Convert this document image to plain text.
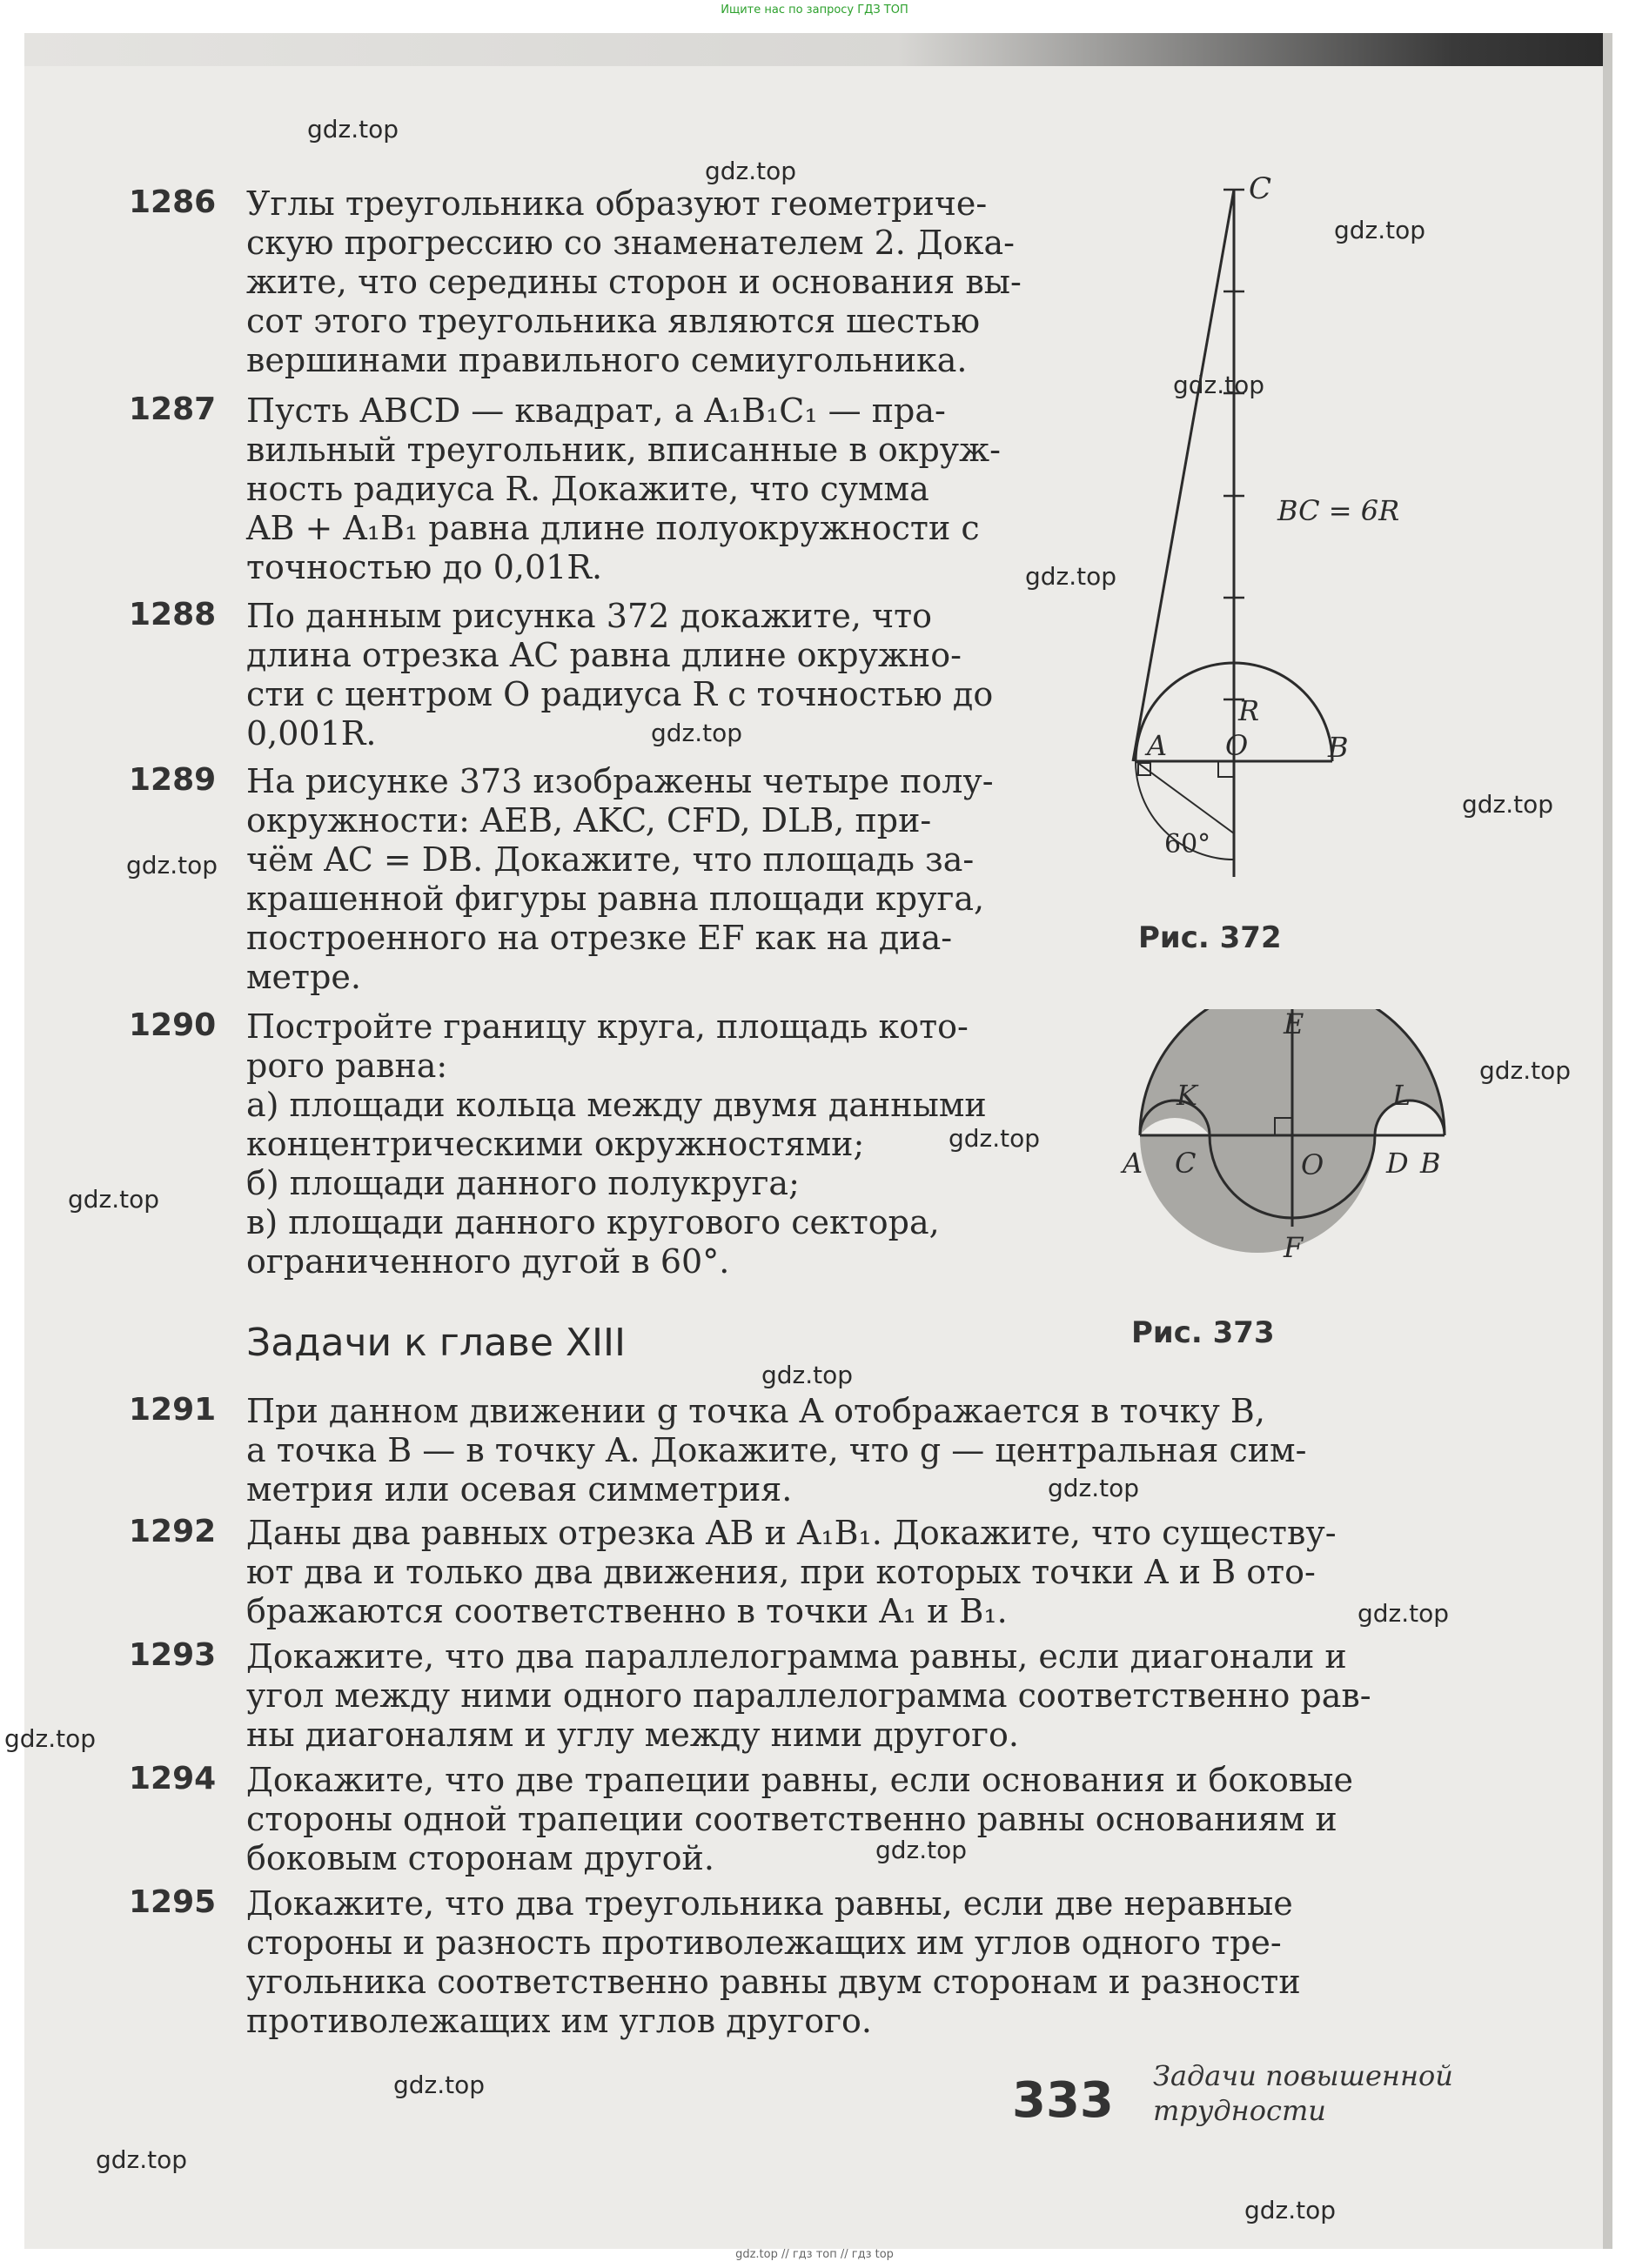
Ищите нас по запросу ГДЗ ТОП
gdz.top
gdz.top
gdz.top
gdz.top
gdz.top
gdz.top
gdz.top
gdz.top
gdz.top
gdz.top
gdz.top
gdz.top
gdz.top
gdz.top
gdz.top
gdz.top
gdz.top
gdz.top
gdz.top
1286 Углы треугольника образуют геометриче-
скую прогрессию со знаменателем 2. Дока-
жите, что середины сторон и основания вы-
сот этого треугольника являются шестью
вершинами правильного семиугольника.
1287 Пусть ABCD — квадрат, а A₁B₁C₁ — пра-
вильный треугольник, вписанные в окруж-
ность радиуса R. Докажите, что сумма
AB + A₁B₁ равна длине полуокружности с
точностью до 0,01R.
1288 По данным рисунка 372 докажите, что
длина отрезка AC равна длине окружно-
сти с центром O радиуса R с точностью до
0,001R.
1289 На рисунке 373 изображены четыре полу-
окружности: AEB, AKC, CFD, DLB, при-
чём AC = DB. Докажите, что площадь за-
крашенной фигуры равна площади круга,
построенного на отрезке EF как на диа-
метре.
1290 Постройте границу круга, площадь кото-
рого равна:
а) площади кольца между двумя данными
концентрическими окружностями;
б) площади данного полукруга;
в) площади данного кругового сектора,
ограниченного дугой в 60°.
Задачи к главе XIII
1291 При данном движении g точка A отображается в точку B,
а точка B — в точку A. Докажите, что g — центральная сим-
метрия или осевая симметрия.
1292 Даны два равных отрезка AB и A₁B₁. Докажите, что существу-
ют два и только два движения, при которых точки A и B ото-
бражаются соответственно в точки A₁ и B₁.
1293 Докажите, что два параллелограмма равны, если диагонали и
угол между ними одного параллелограмма соответственно рав-
ны диагоналям и углу между ними другого.
1294 Докажите, что две трапеции равны, если основания и боковые
стороны одной трапеции соответственно равны основаниям и
боковым сторонам другой.
1295 Докажите, что два треугольника равны, если две неравные
стороны и разность противолежащих им углов одного тре-
угольника соответственно равны двум сторонам и разности
противолежащих им углов другого.
C
BC = 6R
R
A O	B
60°
Рис. 372
E
K	L
O
A C	D B
F
Рис. 373
333 Задачи повышенной
трудности
gdz.top // гдз топ // гдз top
